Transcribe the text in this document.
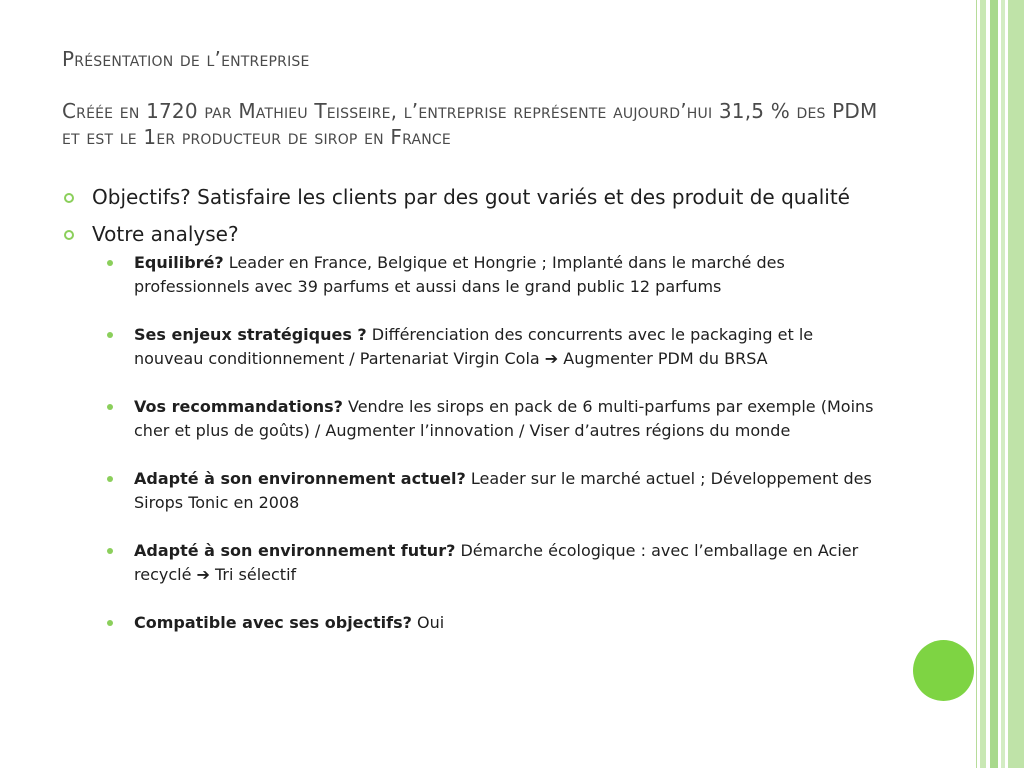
Présentation de l’entreprise
Créée en 1720 par Mathieu Teisseire, l’entreprise représente aujourd’hui 31,5 % des PDM et est le 1er producteur de sirop en France
Objectifs? Satisfaire les clients par des gout variés et des produit de qualité
Votre analyse?
Equilibré? Leader en France, Belgique et Hongrie ; Implanté dans le marché des professionnels avec 39 parfums et aussi dans le grand public 12 parfums
Ses enjeux stratégiques ? Différenciation des concurrents avec le packaging et le nouveau conditionnement / Partenariat Virgin Cola ➔ Augmenter PDM du BRSA
Vos recommandations? Vendre les sirops en pack de 6 multi-parfums par exemple (Moins cher et plus de goûts) / Augmenter l’innovation / Viser d’autres régions du monde
Adapté à son environnement actuel? Leader sur le marché actuel ; Développement des Sirops Tonic en 2008
Adapté à son environnement futur? Démarche écologique : avec l’emballage en Acier recyclé ➔ Tri sélectif
Compatible avec ses objectifs? Oui
